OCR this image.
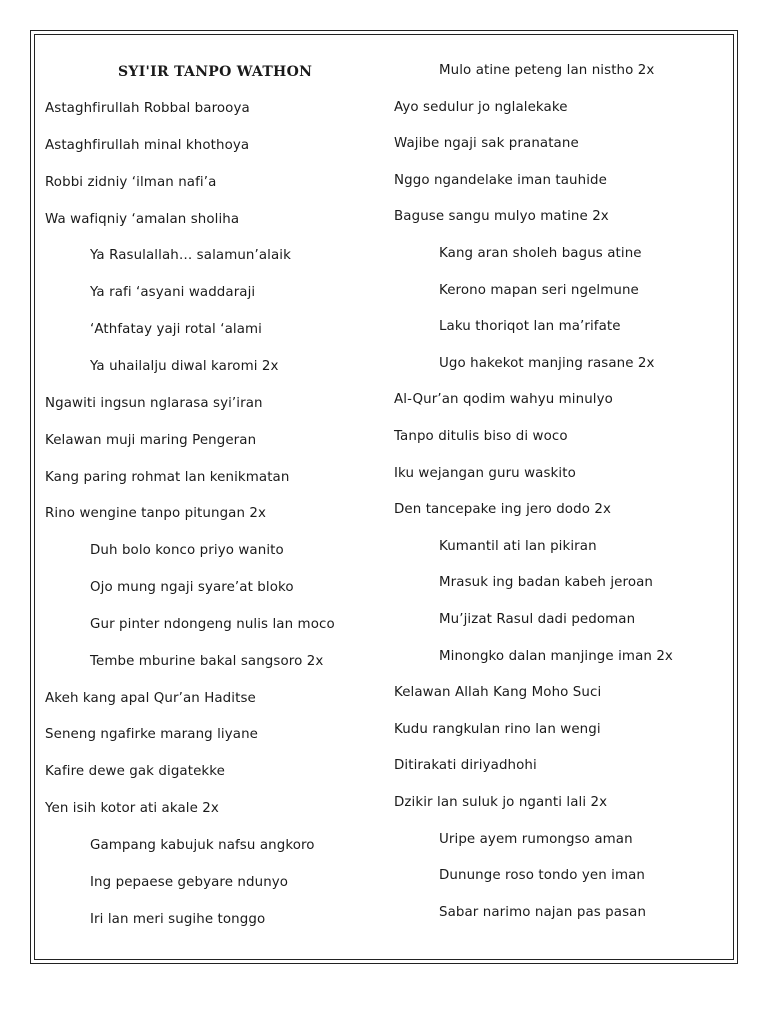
SYI'IR TANPO WATHON
Astaghfirullah Robbal barooya
Astaghfirullah minal khothoya
Robbi zidniy ‘ilman nafi’a
Wa wafiqniy ‘amalan sholiha
Ya Rasulallah… salamun’alaik
Ya rafi ‘asyani waddaraji
‘Athfatay yaji rotal ‘alami
Ya uhailalju diwal karomi 2x
Ngawiti ingsun nglarasa syi’iran
Kelawan muji maring Pengeran
Kang paring rohmat lan kenikmatan
Rino wengine tanpo pitungan 2x
Duh bolo konco priyo wanito
Ojo mung ngaji syare’at bloko
Gur pinter ndongeng nulis lan moco
Tembe mburine bakal sangsoro 2x
Akeh kang apal Qur’an Haditse
Seneng ngafirke marang liyane
Kafire dewe gak digatekke
Yen isih kotor ati akale 2x
Gampang kabujuk nafsu angkoro
Ing pepaese gebyare ndunyo
Iri lan meri sugihe tonggo
Mulo atine peteng lan nistho 2x
Ayo sedulur jo nglalekake
Wajibe ngaji sak pranatane
Nggo ngandelake iman tauhide
Baguse sangu mulyo matine 2x
Kang aran sholeh bagus atine
Kerono mapan seri ngelmune
Laku thoriqot lan ma’rifate
Ugo hakekot manjing rasane 2x
Al-Qur’an qodim wahyu minulyo
Tanpo ditulis biso di woco
Iku wejangan guru waskito
Den tancepake ing jero dodo 2x
Kumantil ati lan pikiran
Mrasuk ing badan kabeh jeroan
Mu’jizat Rasul dadi pedoman
Minongko dalan manjinge iman 2x
Kelawan Allah Kang Moho Suci
Kudu rangkulan rino lan wengi
Ditirakati diriyadhohi
Dzikir lan suluk jo nganti lali 2x
Uripe ayem rumongso aman
Dununge roso tondo yen iman
Sabar narimo najan pas pasan
